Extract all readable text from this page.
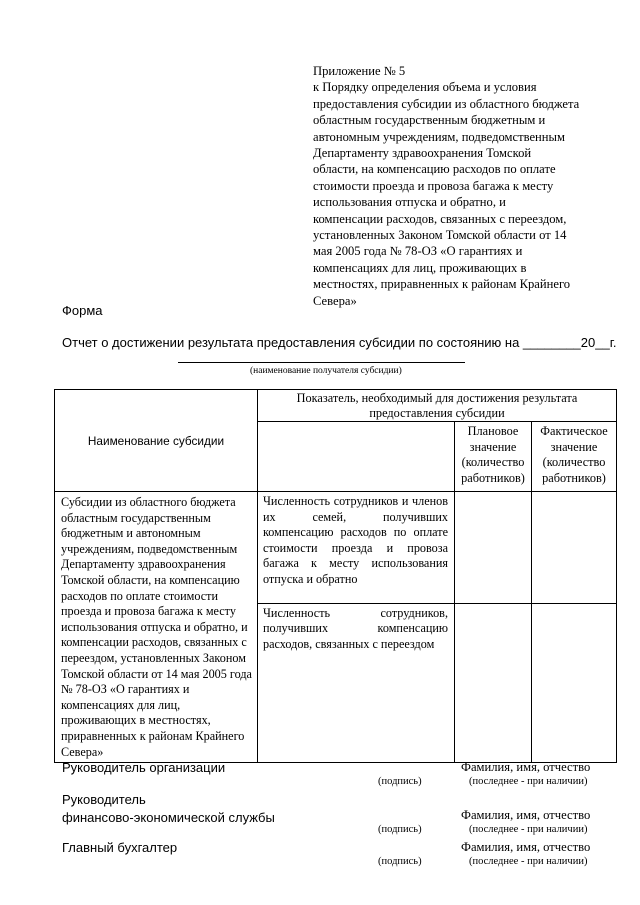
Приложение № 5
к Порядку определения объема и условия
предоставления субсидии из областного бюджета
областным государственным бюджетным и
автономным учреждениям, подведомственным
Департаменту здравоохранения Томской
области, на компенсацию расходов по оплате
стоимости проезда и провоза багажа к месту
использования отпуска и обратно, и
компенсации расходов, связанных с переездом,
установленных Законом Томской области от 14
мая 2005 года № 78-ОЗ «О гарантиях и
компенсациях для лиц, проживающих в
местностях, приравненных к районам Крайнего
Севера»
Форма
Отчет о достижении результата предоставления субсидии по состоянию на ________20__г.
(наименование получателя субсидии)
Наименование субсидии	Показатель, необходимый для достижения результата предоставления субсидии		
		Плановое значение (количество работников)	Фактическое значение (количество работников)
Субсидии из областного бюджета областным государственным бюджетным и автономным учреждениям, подведомственным Департаменту здравоохранения Томской области, на компенсацию расходов по оплате стоимости проезда и провоза багажа к месту использования отпуска и обратно, и компенсации расходов, связанных с переездом, установленных Законом Томской области от 14 мая 2005 года № 78-ОЗ «О гарантиях и компенсациях для лиц, проживающих в местностях, приравненных к районам Крайнего Севера»	Численность сотрудников и членов их семей, получивших компенсацию расходов по оплате стоимости проезда и провоза багажа к месту использования отпуска и обратно		
	Численность сотрудников, получивших компенсацию расходов, связанных с переездом		
Руководитель организации	Фамилия, имя, отчество
(подпись)	(последнее - при наличии)
Руководитель
финансово-экономической службы	Фамилия, имя, отчество
(подпись)	(последнее - при наличии)
Главный бухгалтер	Фамилия, имя, отчество
(подпись)	(последнее - при наличии)
